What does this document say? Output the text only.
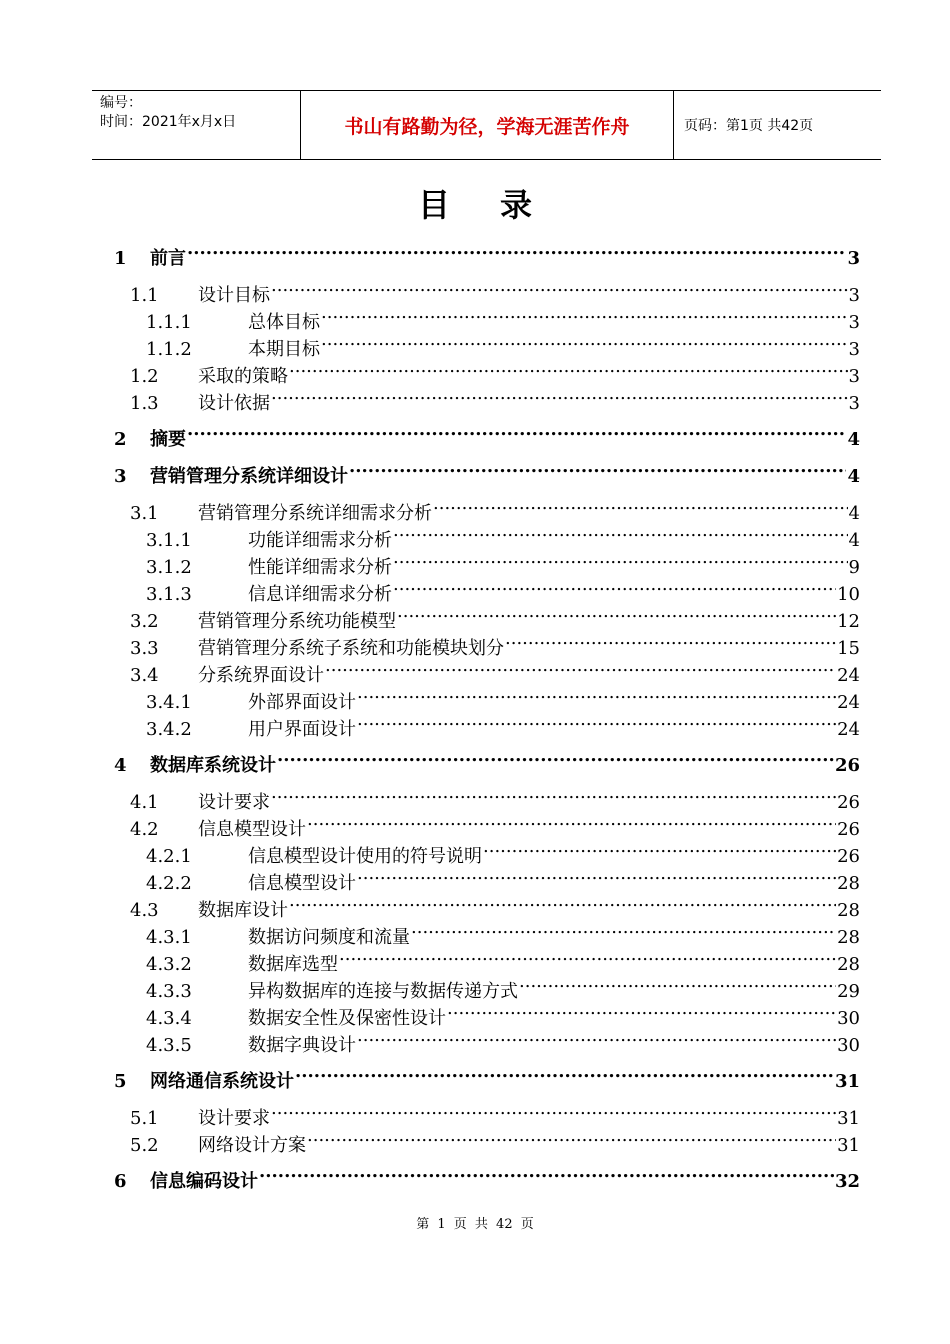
编号：
时间：2021年x月x日	书山有路勤为径，学海无涯苦作舟	页码：第1页 共42页
目录
1	前言 .....	3
1.1	设计目标 .....	3
1.1.1	总体目标 .....	3
1.1.2	本期目标 .....	3
1.2	采取的策略 .....	3
1.3	设计依据 .....	3
2	摘要 .....	4
3	营销管理分系统详细设计 .....	4
3.1	营销管理分系统详细需求分析 .....	4
3.1.1	功能详细需求分析 .....	4
3.1.2	性能详细需求分析 .....	9
3.1.3	信息详细需求分析 .....	10
3.2	营销管理分系统功能模型 .....	12
3.3	营销管理分系统子系统和功能模块划分 .....	15
3.4	分系统界面设计 .....	24
3.4.1	外部界面设计 .....	24
3.4.2	用户界面设计 .....	24
4	数据库系统设计 .....	26
4.1	设计要求 .....	26
4.2	信息模型设计 .....	26
4.2.1	信息模型设计使用的符号说明 .....	26
4.2.2	信息模型设计 .....	28
4.3	数据库设计 .....	28
4.3.1	数据访问频度和流量 .....	28
4.3.2	数据库选型 .....	28
4.3.3	异构数据库的连接与数据传递方式 .....	29
4.3.4	数据安全性及保密性设计 .....	30
4.3.5	数据字典设计 .....	30
5	网络通信系统设计 .....	31
5.1	设计要求 .....	31
5.2	网络设计方案 .....	31
6	信息编码设计 .....	32
第 1 页 共 42 页
